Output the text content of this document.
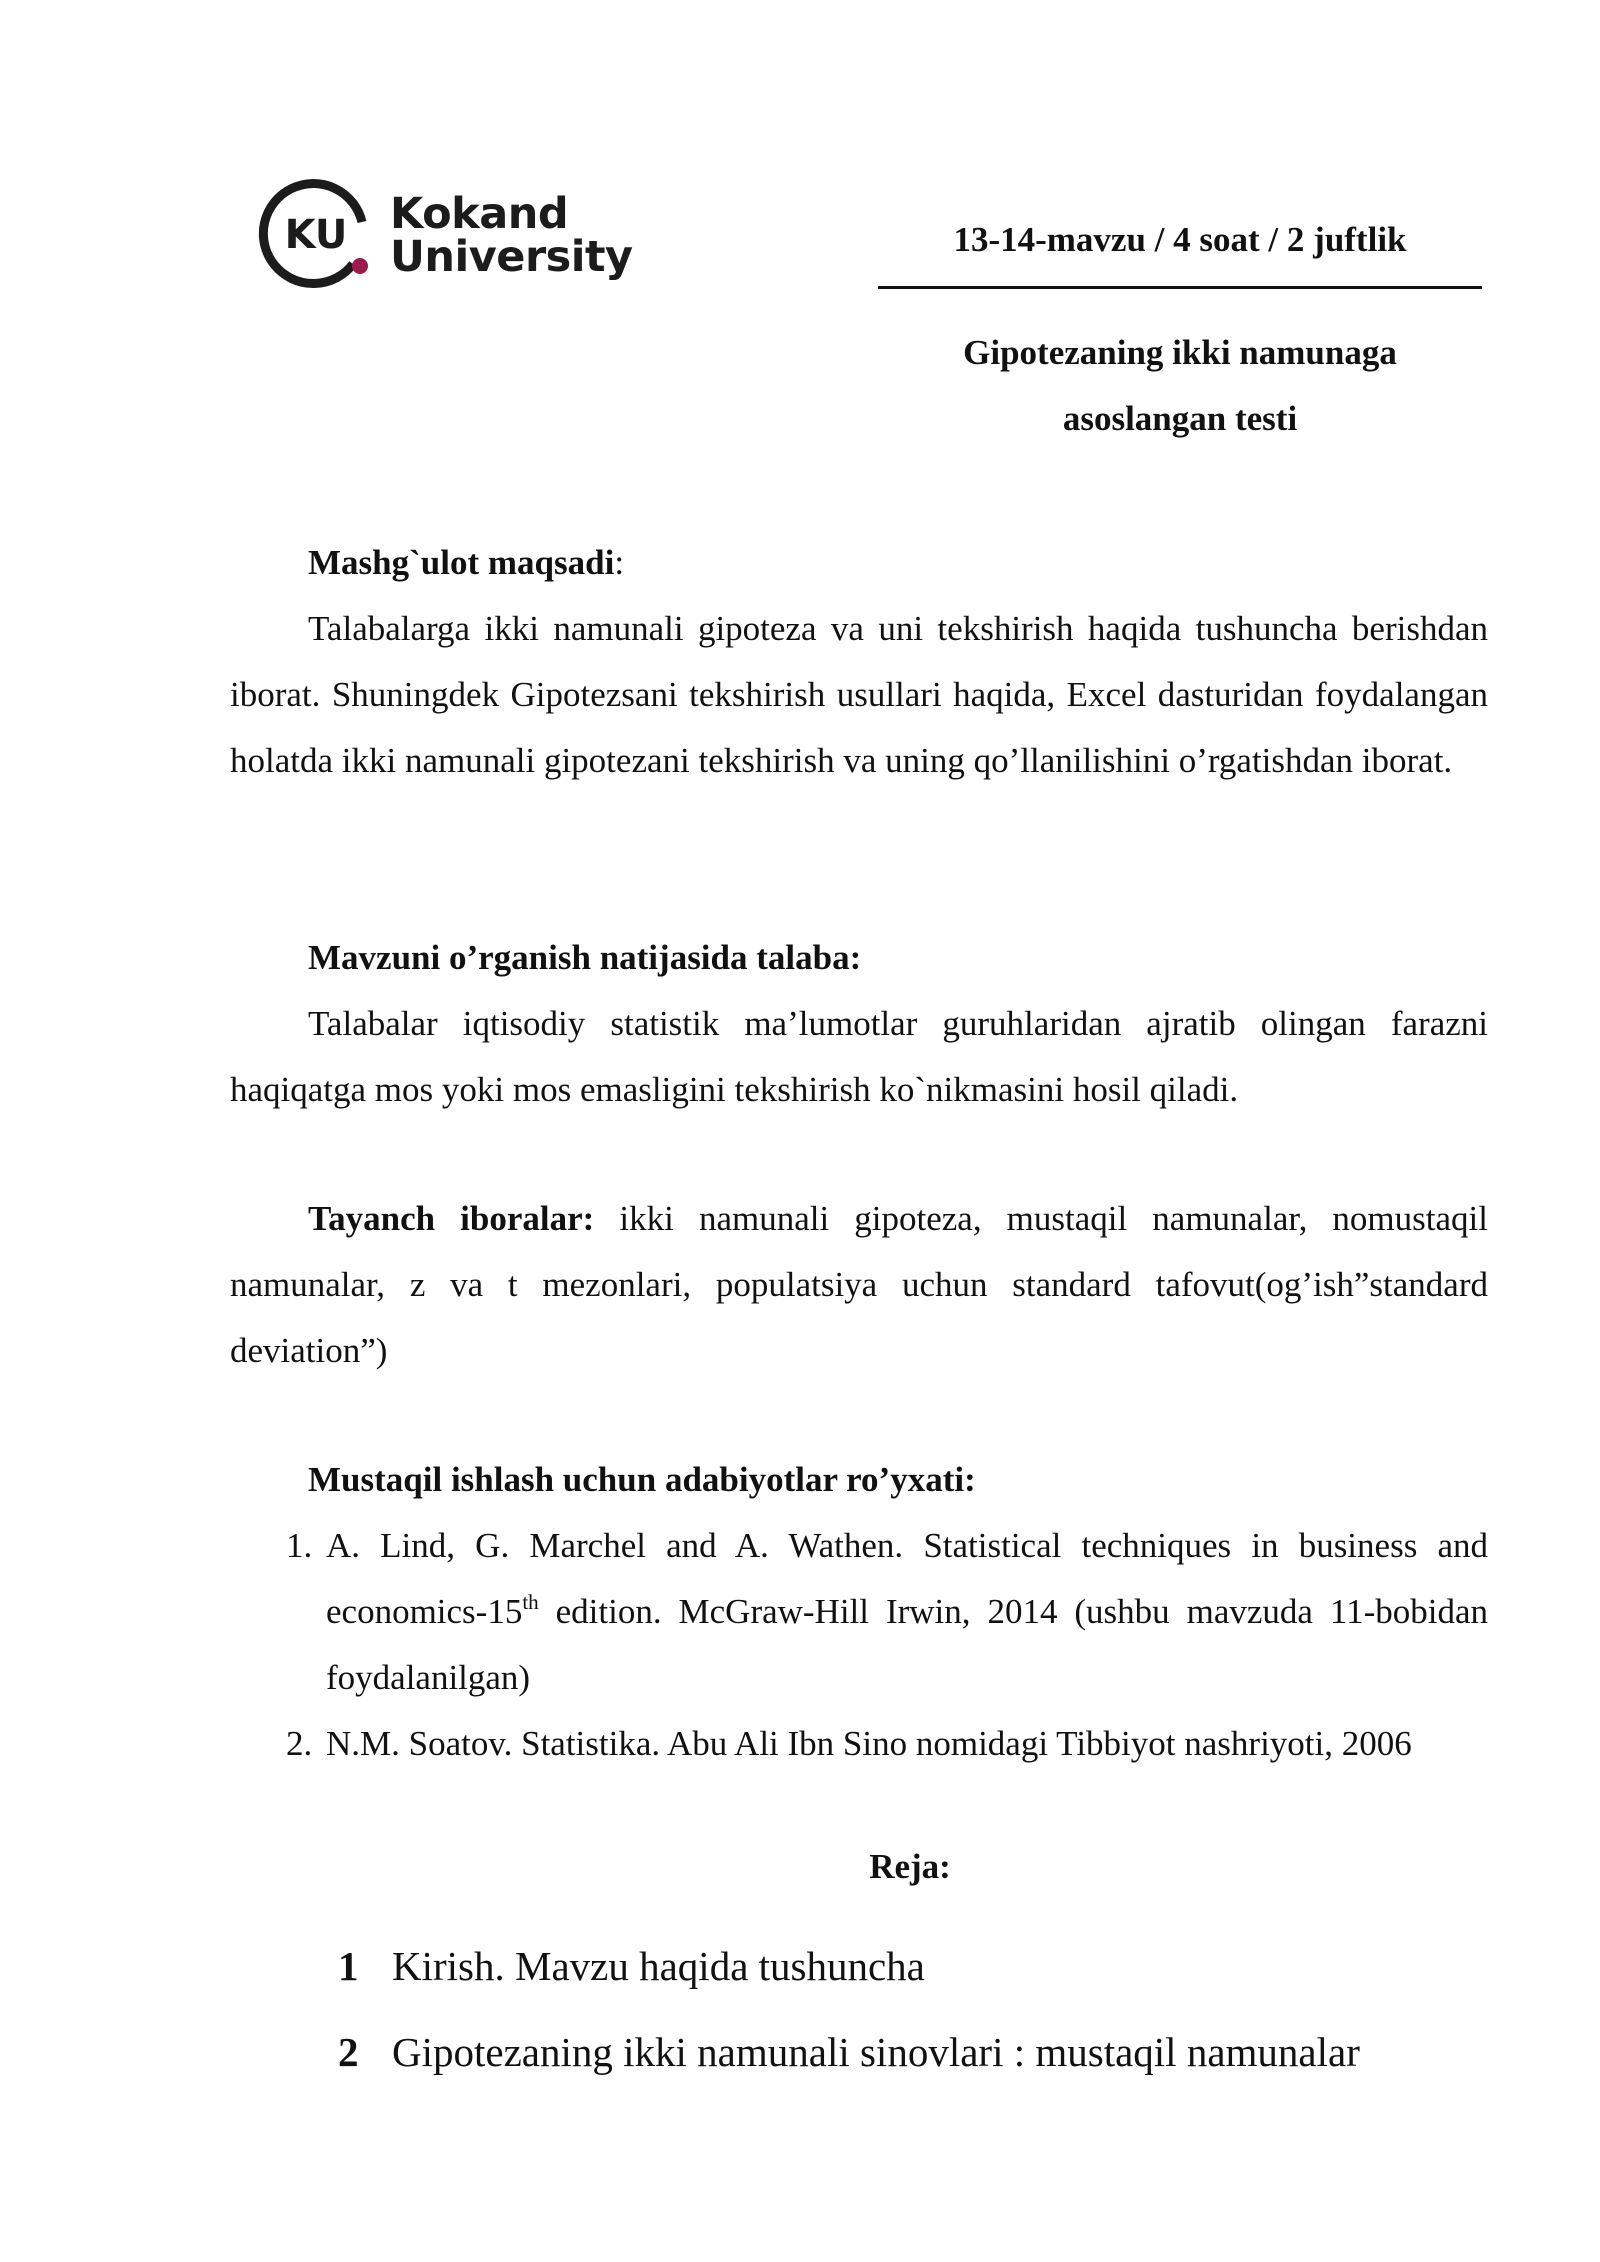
KU Kokand
University	13-14-mavzu / 4 soat / 2 juftlik
Gipotezaning ikki namunaga
asoslangan testi

Mashg`ulot maqsadi:

Talabalarga ikki namunali gipoteza va uni tekshirish haqida tushuncha berishdan iborat. Shuningdek Gipotezsani tekshirish usullari haqida, Excel dasturidan foydalangan holatda ikki namunali gipotezani tekshirish va uning qo’llanilishini o’rgatishdan iborat.

Mavzuni o’rganish natijasida talaba:

Talabalar iqtisodiy statistik ma’lumotlar guruhlaridan ajratib olingan farazni haqiqatga mos yoki mos emasligini tekshirish ko`nikmasini hosil qiladi.

Tayanch iboralar: ikki namunali gipoteza, mustaqil namunalar, nomustaqil namunalar, z va t mezonlari, populatsiya uchun standard tafovut(og’ish”standard deviation”)

Mustaqil ishlash uchun adabiyotlar ro’yxati:

1. A. Lind, G. Marchel and A. Wathen. Statistical techniques in business and economics-15th edition. McGraw-Hill Irwin, 2014 (ushbu mavzuda 11-bobidan foydalanilgan)
2. N.M. Soatov. Statistika. Abu Ali Ibn Sino nomidagi Tibbiyot nashriyoti, 2006
Reja:
1 Kirish. Mavzu haqida tushuncha
2 Gipotezaning ikki namunali sinovlari : mustaqil namunalar
